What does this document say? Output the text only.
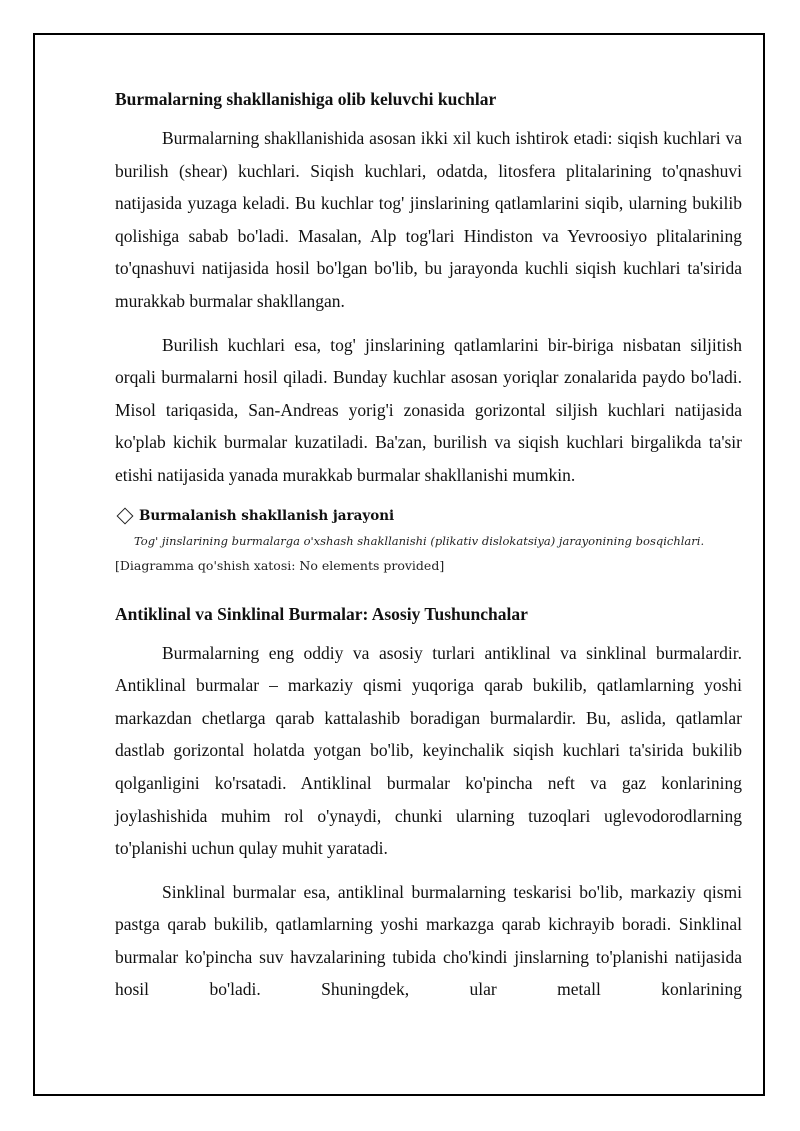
Burmalarning shakllanishiga olib keluvchi kuchlar

Burmalarning shakllanishida asosan ikki xil kuch ishtirok etadi: siqish kuchlari va burilish (shear) kuchlari. Siqish kuchlari, odatda, litosfera plitalarining to'qnashuvi natijasida yuzaga keladi. Bu kuchlar tog' jinslarining qatlamlarini siqib, ularning bukilib qolishiga sabab bo'ladi. Masalan, Alp tog'lari Hindiston va Yevroosiyo plitalarining to'qnashuvi natijasida hosil bo'lgan bo'lib, bu jarayonda kuchli siqish kuchlari ta'sirida murakkab burmalar shakllangan.

Burilish kuchlari esa, tog' jinslarining qatlamlarini bir-biriga nisbatan siljitish orqali burmalarni hosil qiladi. Bunday kuchlar asosan yoriqlar zonalarida paydo bo'ladi. Misol tariqasida, San-Andreas yorig'i zonasida gorizontal siljish kuchlari natijasida ko'plab kichik burmalar kuzatiladi. Ba'zan, burilish va siqish kuchlari birgalikda ta'sir etishi natijasida yanada murakkab burmalar shakllanishi mumkin.

Burmalanish shakllanish jarayoni
Tog' jinslarining burmalarga o'xshash shakllanishi (plikativ dislokatsiya) jarayonining bosqichlari.
[Diagramma qo'shish xatosi: No elements provided]
Antiklinal va Sinklinal Burmalar: Asosiy Tushunchalar

Burmalarning eng oddiy va asosiy turlari antiklinal va sinklinal burmalardir. Antiklinal burmalar – markaziy qismi yuqoriga qarab bukilib, qatlamlarning yoshi markazdan chetlarga qarab kattalashib boradigan burmalardir. Bu, aslida, qatlamlar dastlab gorizontal holatda yotgan bo'lib, keyinchalik siqish kuchlari ta'sirida bukilib qolganligini ko'rsatadi. Antiklinal burmalar ko'pincha neft va gaz konlarining joylashishida muhim rol o'ynaydi, chunki ularning tuzoqlari uglevodorodlarning to'planishi uchun qulay muhit yaratadi.

Sinklinal burmalar esa, antiklinal burmalarning teskarisi bo'lib, markaziy qismi pastga qarab bukilib, qatlamlarning yoshi markazga qarab kichrayib boradi. Sinklinal burmalar ko'pincha suv havzalarining tubida cho'kindi jinslarning to'planishi natijasida hosil bo'ladi. Shuningdek, ular metall konlarining
